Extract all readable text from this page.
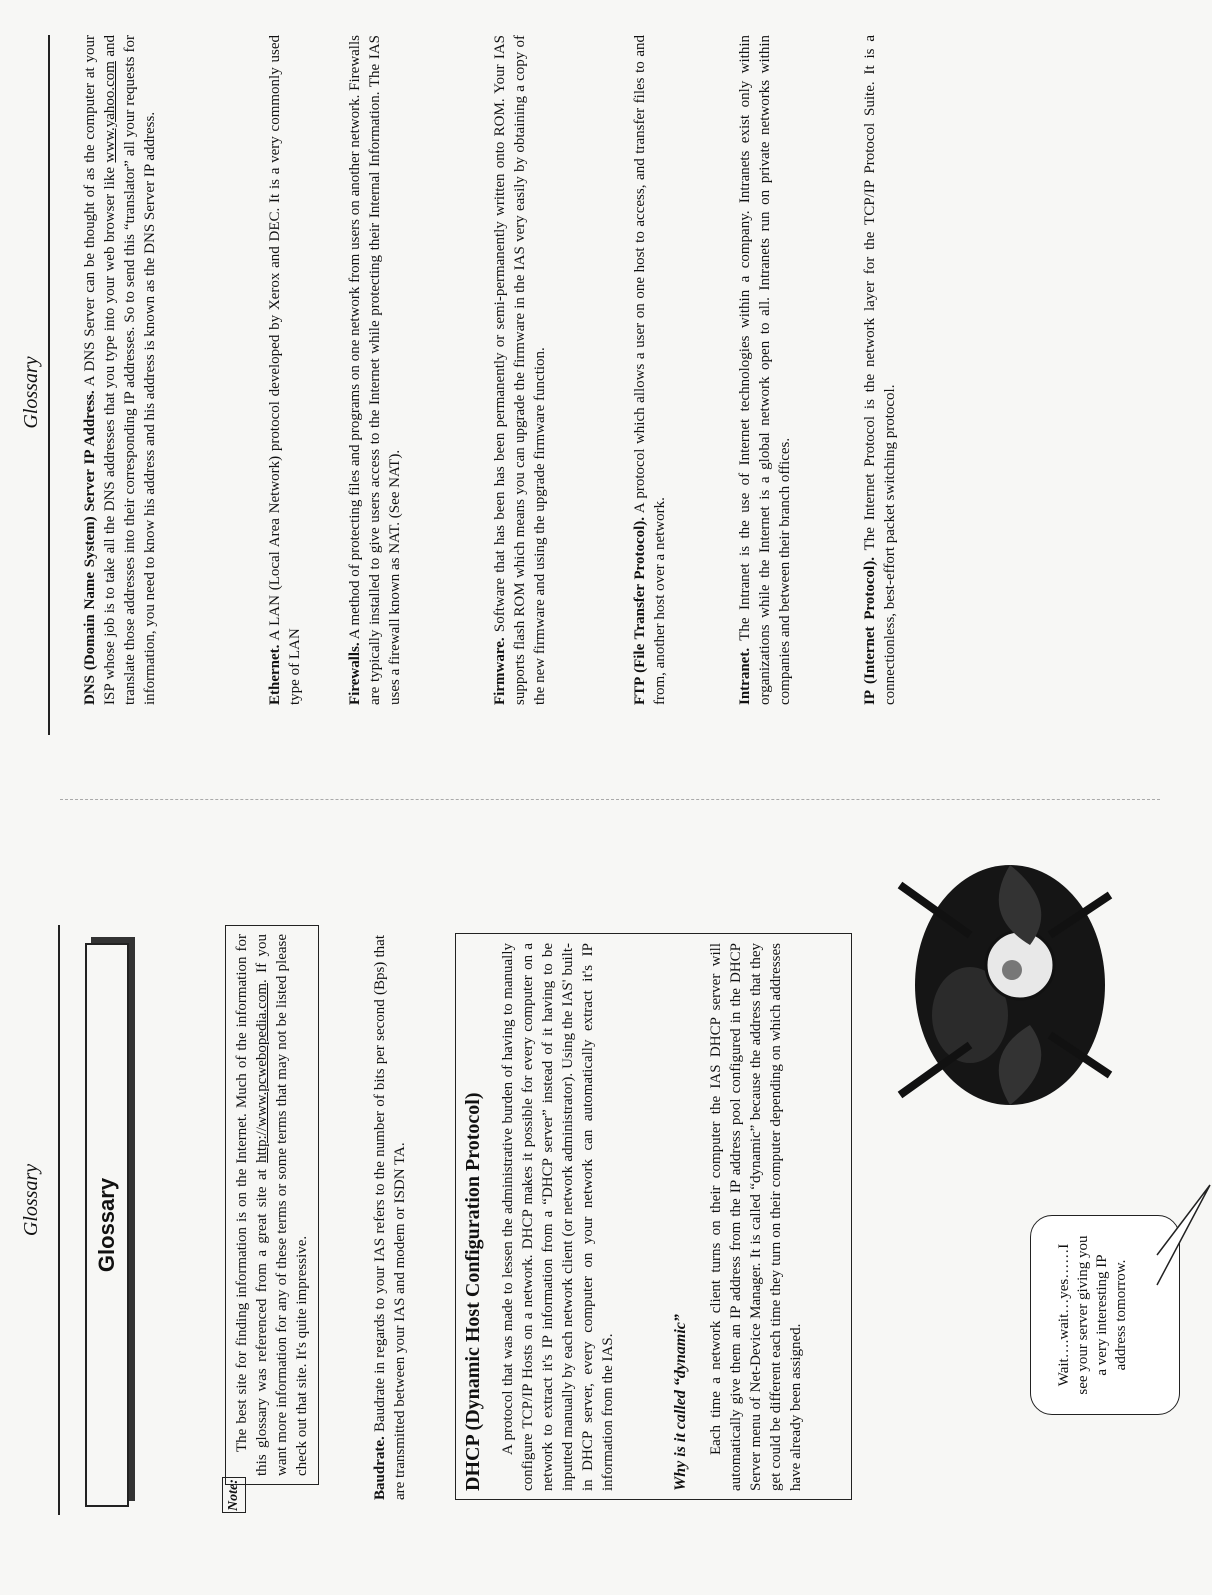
Glossary Glossary
Note:
The best site for finding information is on the Internet. Much of the information for this glossary was referenced from a great site at http://www.pcwebopedia.com. If you want more information for any of these terms or some terms that may not be listed please check out that site. It's quite impressive.	Baudrate. Baudrate in regards to your IAS refers to the number of bits per second (Bps) that are transmitted between your IAS and modem or ISDN TA.	DHCP (Dynamic Host Configuration Protocol) A protocol that was made to lessen the administrative burden of having to manually configure TCP/IP Hosts on a network. DHCP makes it possible for every computer on a network to extract it's IP information from a “DHCP server” instead of it having to be inputted manually by each network client (or network administrator). Using the IAS' built-in DHCP server, every computer on your network can automatically extract it's IP information from the IAS.	Why is it called “dynamic” Each time a network client turns on their computer the IAS DHCP server will automatically give them an IP address from the IP address pool configured in the DHCP Server menu of Net-Device Manager. It is called “dynamic” because the address that they get could be different each time they turn on their computer depending on which addresses have already been assigned.

Wait….wait…yes……I see your server giving you a very interesting IP address tomorrow.
Glossary	DNS (Domain Name System) Server IP Address. A DNS Server can be thought of as the computer at your ISP whose job is to take all the DNS addresses that you type into your web browser like www.yahoo.com and translate those addresses into their corresponding IP addresses. So to send this “translator” all your requests for information, you need to know his address and his address is known as the DNS Server IP address.	Ethernet. A LAN (Local Area Network) protocol developed by Xerox and DEC. It is a very commonly used type of LAN	Firewalls. A method of protecting files and programs on one network from users on another network. Firewalls are typically installed to give users access to the Internet while protecting their Internal Information. The IAS uses a firewall known as NAT. (See NAT).	Firmware. Software that has been has been permanently or semi-permanently written onto ROM. Your IAS supports flash ROM which means you can upgrade the firmware in the IAS very easily by obtaining a copy of the new firmware and using the upgrade firmware function.	FTP (File Transfer Protocol). A protocol which allows a user on one host to access, and transfer files to and from, another host over a network.	Intranet. The Intranet is the use of Internet technologies within a company. Intranets exist only within organizations while the Internet is a global network open to all. Intranets run on private networks within companies and between their branch offices.	IP (Internet Protocol). The Internet Protocol is the network layer for the TCP/IP Protocol Suite. It is a connectionless, best-effort packet switching protocol.
